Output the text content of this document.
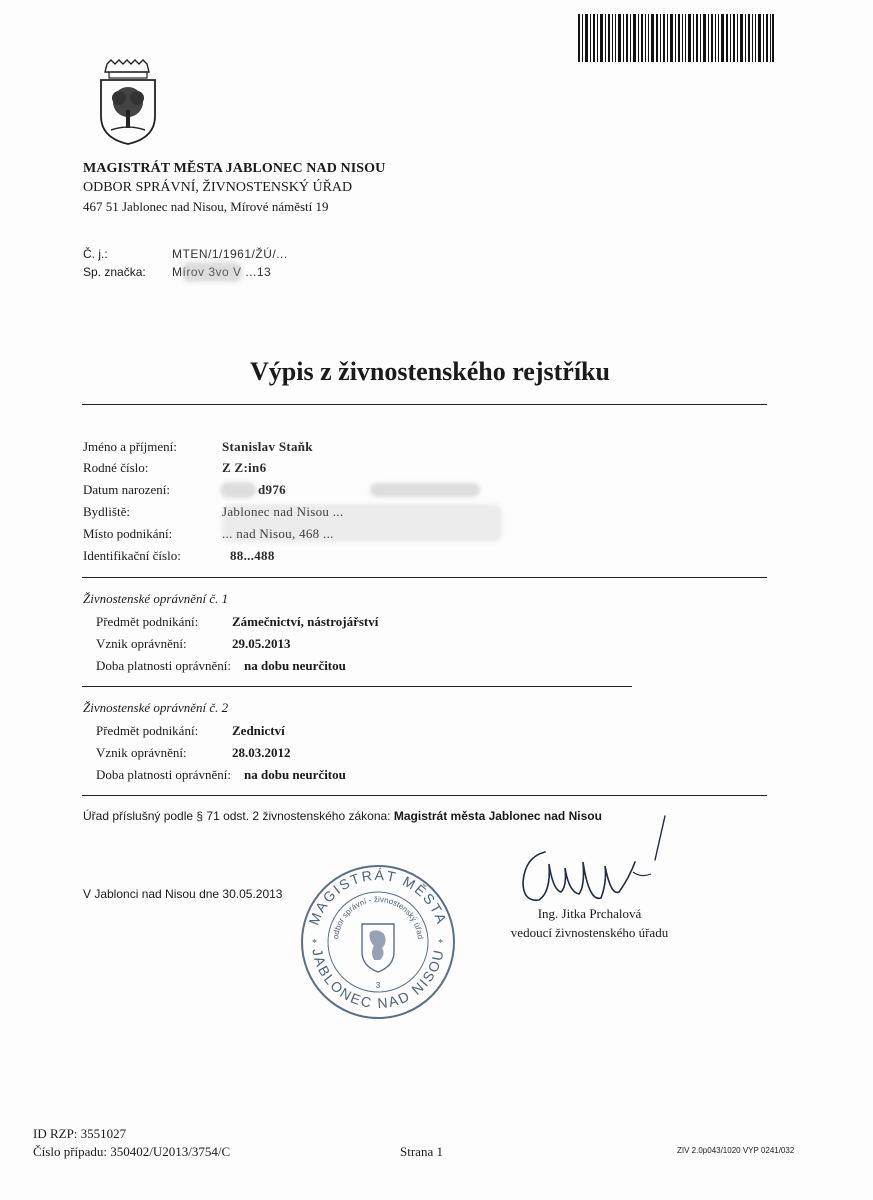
MAGISTRÁT MĚSTA JABLONEC NAD NISOU
ODBOR SPRÁVNÍ, ŽIVNOSTENSKÝ ÚŘAD
467 51 Jablonec nad Nisou, Mírové náměstí 19
Č. j.:	MTEN/1/1961/ŽÚ/...
Sp. značka: Mírov 3vo V ...13
Výpis z živnostenského rejstříku
Jméno a příjmení:	Stanislav Staňk
Rodné číslo:	Z Z:in6
Datum narození:	d976
Bydliště:	Jablonec nad Nisou ...
Místo podnikání:	... nad Nisou, 468 ...
Identifikační číslo:	88...488
Živnostenské oprávnění č. 1
Předmět podnikání:	Zámečnictví, nástrojářství
Vznik oprávnění:	29.05.2013
Doba platnosti oprávnění: na dobu neurčitou
Živnostenské oprávnění č. 2
Předmět podnikání:	Zednictví
Vznik oprávnění:	28.03.2012
Doba platnosti oprávnění: na dobu neurčitou
Úřad příslušný podle § 71 odst. 2 živnostenského zákona: Magistrát města Jablonec nad Nisou
V Jablonci nad Nisou dne 30.05.2013
MAGISTRÁT MĚSTA
JABLONEC NAD NISOU
odbor správní - živnostenský úřad
*	*
3
Ing. Jitka Prchalová
vedoucí živnostenského úřadu
ID RZP: 3551027
Číslo případu: 350402/U2013/3754/C	Strana 1	ZIV 2.0p043/1020 VYP 0241/032
